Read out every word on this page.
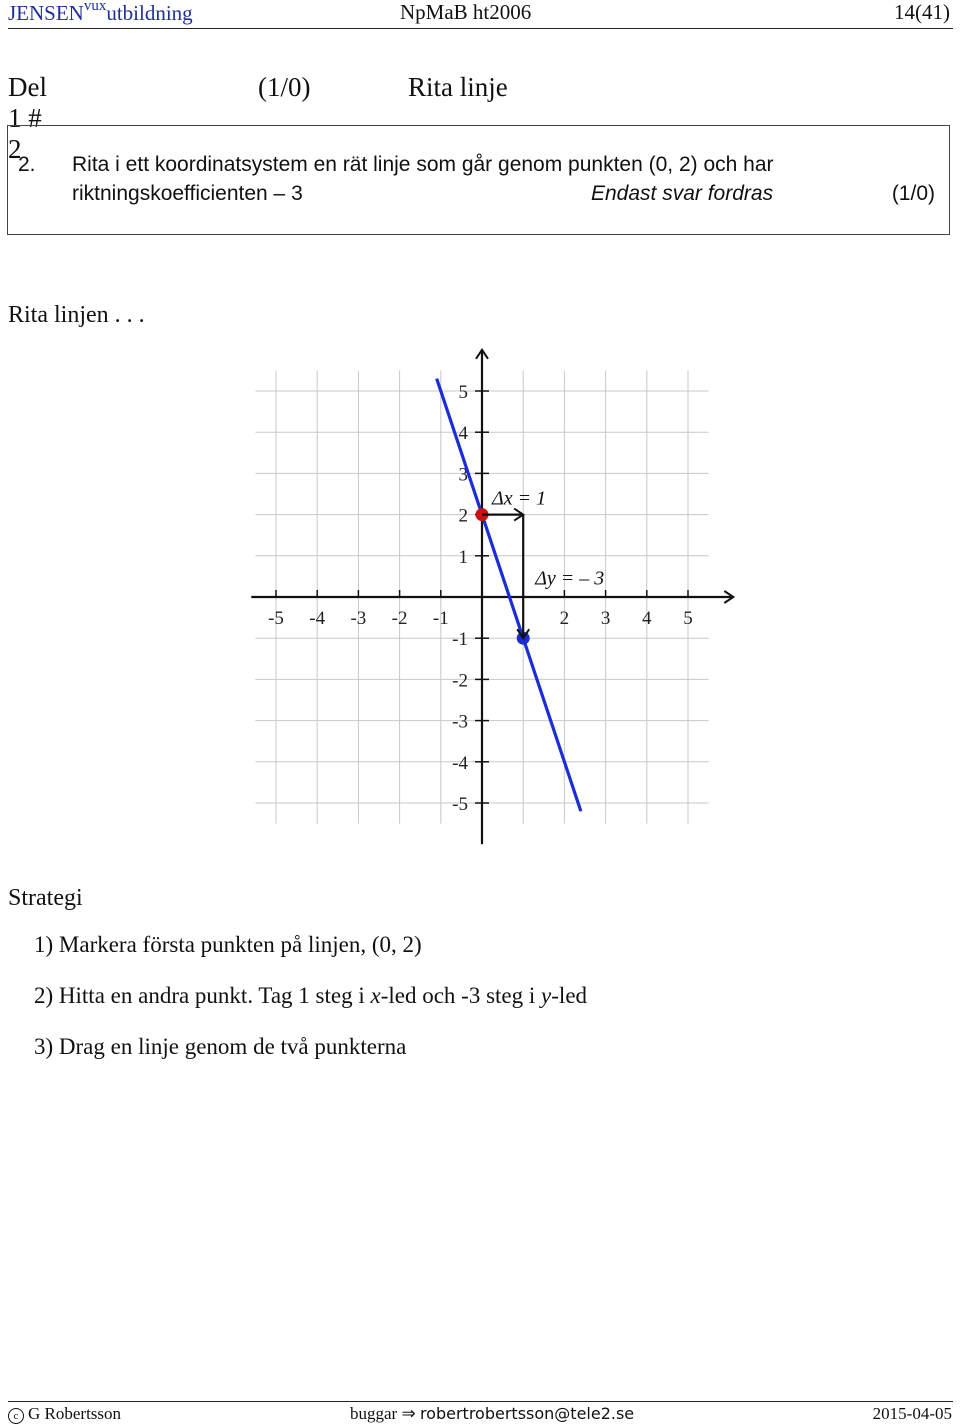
$JENSEN^{vux}utbildning$	NpMaB ht2006	14(41)
Del 1 # 2
(1/0)	Rita linje
2. Rita i ett koordinatsystem en rät linje som går genom punkten (0, 2) och har
riktningskoefficienten – 3	Endast svar fordras	(1/0)
Rita linjen . . .
-5 -4 -3 -2 -1	2 3 4 5
5
4
3
2
1
-1
-2
-3
-4
-5
Δx = 1
Δy = – 3
Strategi
1) Markera första punkten på linjen, (0, 2)
2) Hitta en andra punkt. Tag 1 steg i x-led och -3 steg i y-led
3) Drag en linje genom de två punkterna
c G Robertsson	buggar ⇒ robertrobertsson@tele2.se	2015-04-05
